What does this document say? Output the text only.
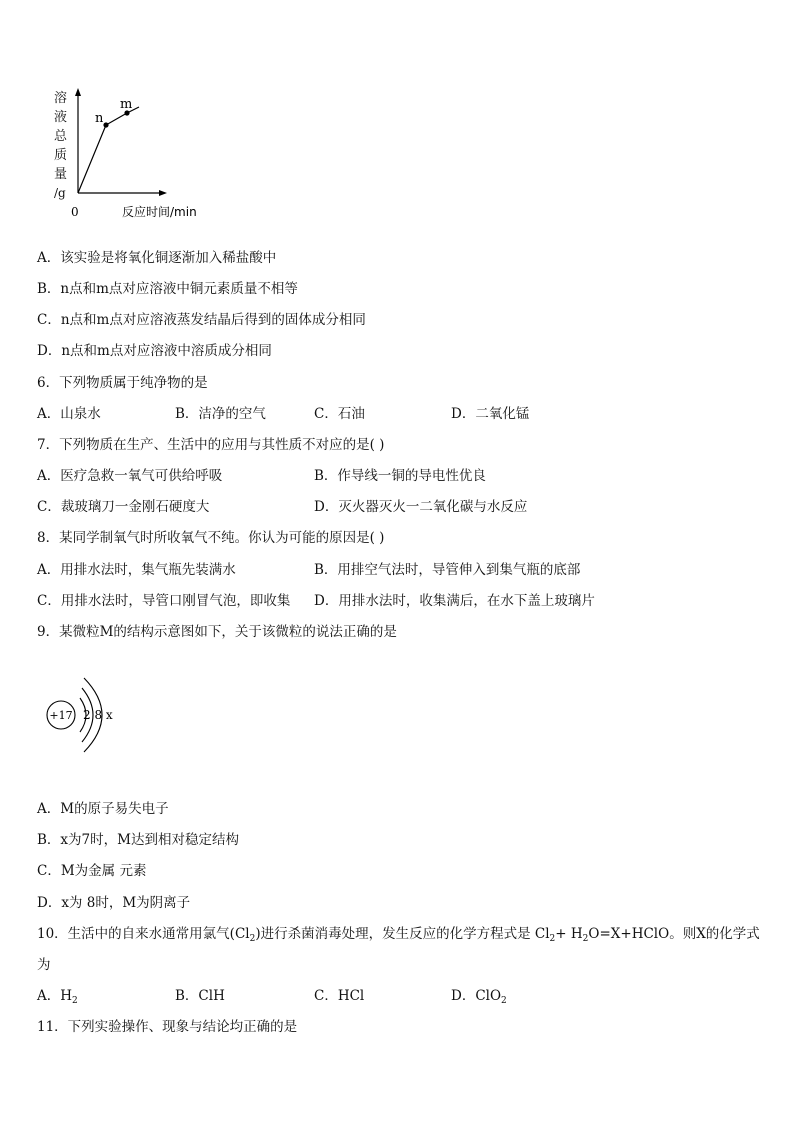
n
m
0	反应时间/min
溶
液
总
质
量
/g
A．该实验是将氧化铜逐渐加入稀盐酸中
B．n点和m点对应溶液中铜元素质量不相等
C．n点和m点对应溶液蒸发结晶后得到的固体成分相同
D．n点和m点对应溶液中溶质成分相同
6．下列物质属于纯净物的是
A．山泉水	B．洁净的空气	C．石油	D．二氧化锰
7．下列物质在生产、生活中的应用与其性质不对应的是( )
A．医疗急救一氧气可供给呼吸	B．作导线一铜的导电性优良
C．裁玻璃刀一金刚石硬度大	D．灭火器灭火一二氧化碳与水反应
8．某同学制氧气时所收氧气不纯。你认为可能的原因是( )
A．用排水法时，集气瓶先装满水	B．用排空气法时，导管伸入到集气瓶的底部
C．用排水法时，导管口刚冒气泡，即收集 D．用排水法时，收集满后，在水下盖上玻璃片
9．某微粒M的结构示意图如下，关于该微粒的说法正确的是
+17 2 8 x
A．M的原子易失电子
B．x为7时，M达到相对稳定结构
C．M为金属 元素
D．x为 8时，M为阴离子
10．生活中的自来水通常用氯气$(Cl_2)$进行杀菌消毒处理，发生反应的化学方程式是 $Cl_2+$ $H_2O=X+HClO$。则X的化学式
为
A．$H_2$	B．ClH	C．HCl	D．ClO$_2$
11．下列实验操作、现象与结论均正确的是
